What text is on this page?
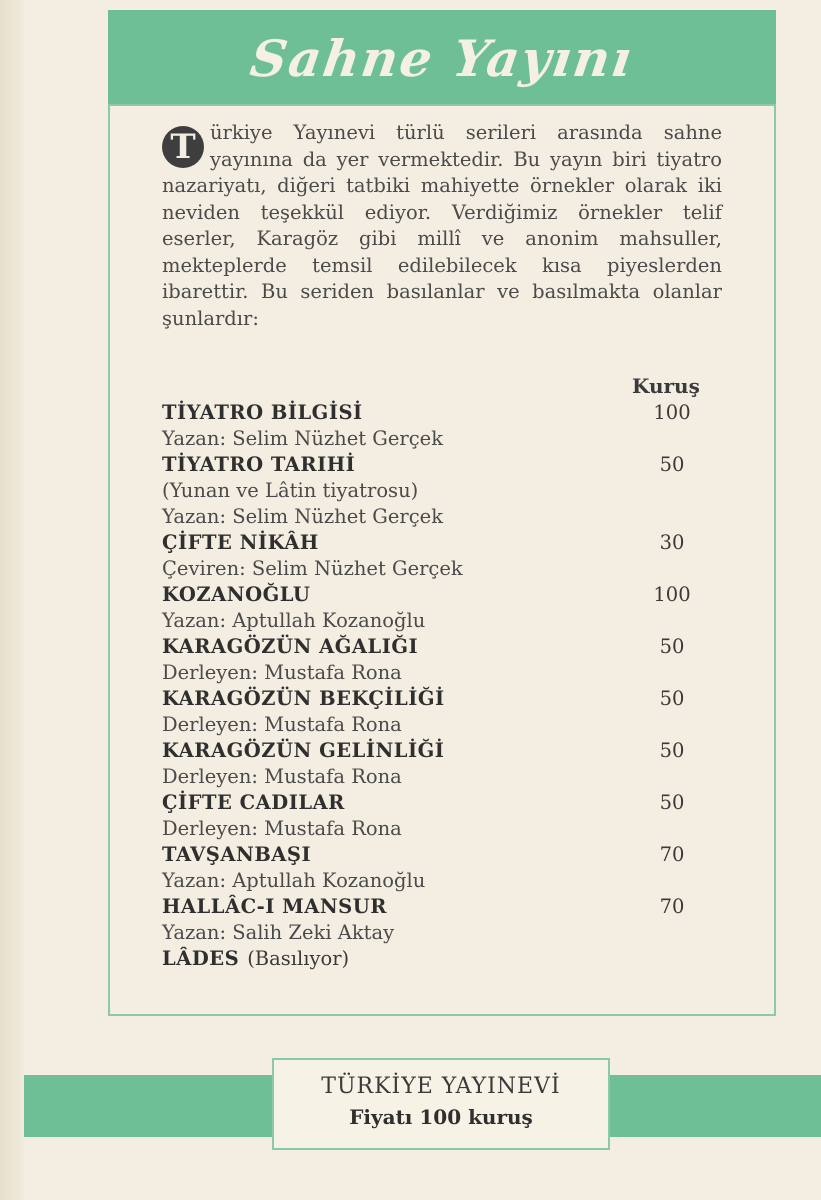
Sahne Yayını

T ürkiye Yayınevi türlü serileri arasında sahne yayınına da yer vermektedir. Bu yayın biri tiyatro nazariyatı, diğeri tatbiki mahiyette örnekler olarak iki neviden teşekkül ediyor. Verdiğimiz örnekler telif eserler, Karagöz gibi millî ve anonim mahsuller, mekteplerde temsil edilebilecek kısa piyeslerden ibarettir. Bu seriden basılanlar ve basılmakta olanlar şunlardır:

Kuruş
TİYATRO BİLGİSİ	100
Yazan: Selim Nüzhet Gerçek
TİYATRO TARIHİ	50
(Yunan ve Lâtin tiyatrosu)
Yazan: Selim Nüzhet Gerçek
ÇİFTE NİKÂH	30
Çeviren: Selim Nüzhet Gerçek
KOZANOĞLU	100
Yazan: Aptullah Kozanoğlu
KARAGÖZÜN AĞALIĞI	50
Derleyen: Mustafa Rona
KARAGÖZÜN BEKÇİLİĞİ	50
Derleyen: Mustafa Rona
KARAGÖZÜN GELİNLİĞİ	50
Derleyen: Mustafa Rona
ÇİFTE CADILAR	50
Derleyen: Mustafa Rona
TAVŞANBAŞI	70
Yazan: Aptullah Kozanoğlu
HALLÂC-I MANSUR	70
Yazan: Salih Zeki Aktay
LÂDES (Basılıyor)
TÜRKİYE YAYINEVİ
Fiyatı 100 kuruş
